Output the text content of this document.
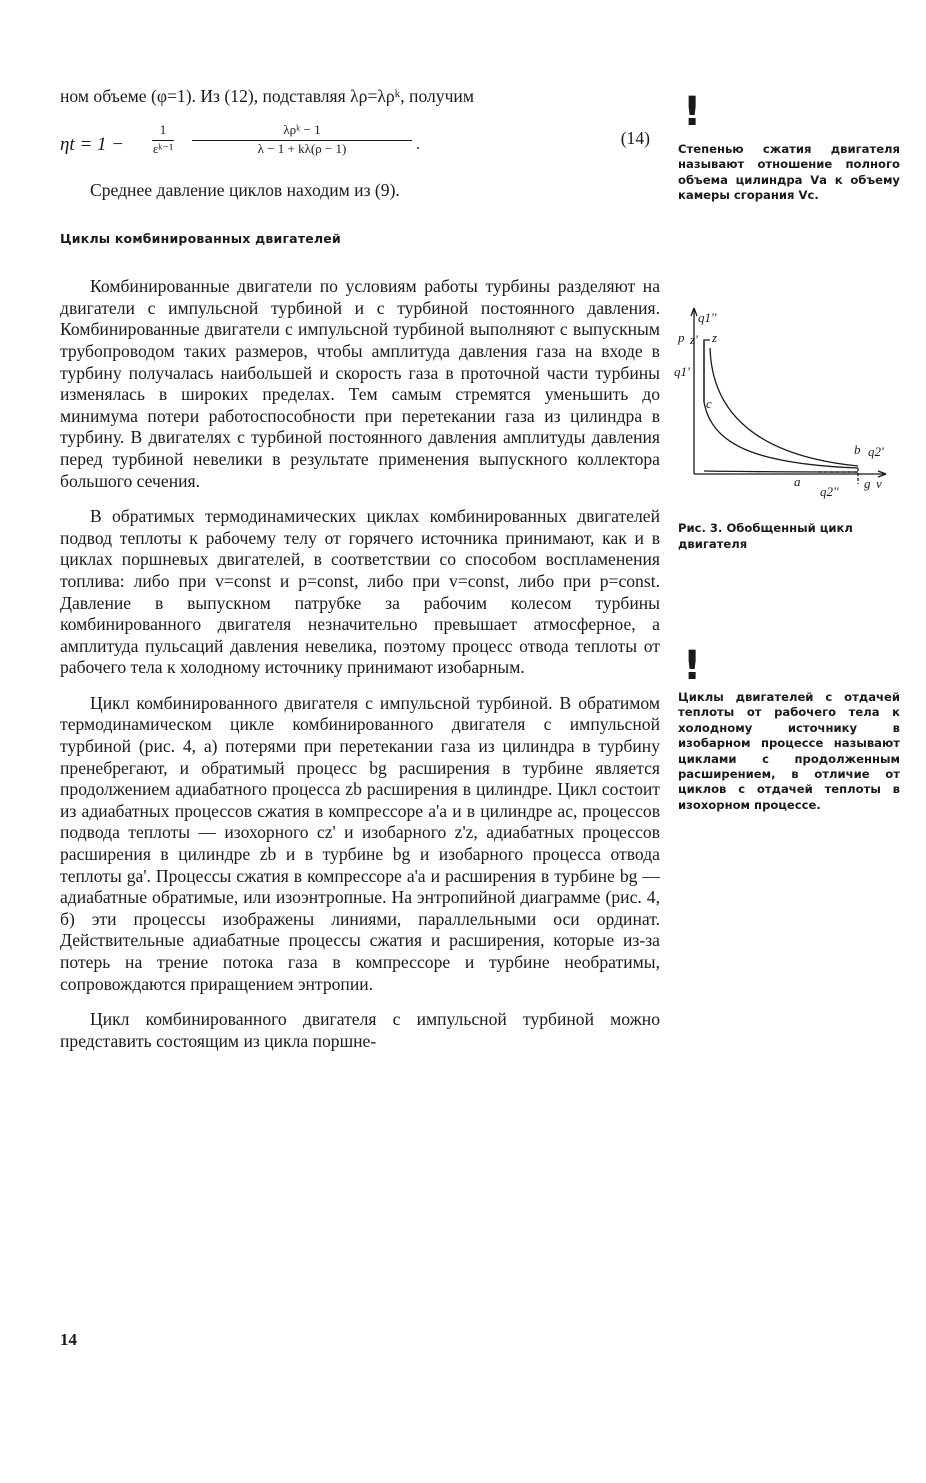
ном объеме (φ=1). Из (12), подставляя λρ=λρᵏ, получим

$\eta t = 1 - \frac{1}{\text{εᵏ⁻¹}}$	λρᵏ − 1
λ − 1 + kλ(ρ − 1)	.	(14)

Среднее давление циклов находим из (9).

Циклы комбинированных двигателей

Комбинированные двигатели по условиям работы турбины разделяют на двигатели с импульсной турбиной и с турбиной постоянного давления. Комбинированные двигатели с импульсной турбиной выполняют с выпускным трубопроводом таких размеров, чтобы амплитуда давления газа на входе в турбину получалась наибольшей и скорость газа в проточной части турбины изменялась в широких пределах. Тем самым стремятся уменьшить до минимума потери работоспособности при перетекании газа из цилиндра в турбину. В двигателях с турбиной постоянного давления амплитуды давления перед турбиной невелики в результате применения выпускного коллектора большого сечения.

В обратимых термодинамических циклах комбинированных двигателей подвод теплоты к рабочему телу от горячего источника принимают, как и в циклах поршневых двигателей, в соответствии со способом воспламенения топлива: либо при v=const и p=const, либо при v=const, либо при p=const. Давление в выпускном патрубке за рабочим колесом турбины комбинированного двигателя незначительно превышает атмосферное, а амплитуда пульсаций давления невелика, поэтому процесс отвода теплоты от рабочего тела к холодному источнику принимают изобарным.

Цикл комбинированного двигателя с импульсной турбиной. В обратимом термодинамическом цикле комбинированного двигателя с импульсной турбиной (рис. 4, а) потерями при перетекании газа из цилиндра в турбину пренебрегают, и обратимый процесс bg расширения в турбине является продолжением адиабатного процесса zb расширения в цилиндре. Цикл состоит из адиабатных процессов сжатия в компрессоре a'a и в цилиндре ac, процессов подвода теплоты — изохорного cz' и изобарного z'z, адиабатных процессов расширения в цилиндре zb и в турбине bg и изобарного процесса отвода теплоты ga'. Процессы сжатия в компрессоре a'a и расширения в турбине bg — адиабатные обратимые, или изоэнтропные. На энтропийной диаграмме (рис. 4, б) эти процессы изображены линиями, параллельными оси ординат. Действительные адиабатные процессы сжатия и расширения, которые из-за потерь на трение потока газа в компрессоре и турбине необратимы, сопровождаются приращением энтропии.

Цикл комбинированного двигателя с импульсной турбиной можно представить состоящим из цикла поршне-

14
!
Степенью сжатия двигателя называют отношение полного объема цилиндра Vа к объему камеры сгорания Vс.
p
q1''
z' z
q1'
c
b q2'
a
q2''
g v
Рис. 3. Обобщенный цикл двигателя
!
Циклы двигателей с отдачей теплоты от рабочего тела к холодному источнику в изобарном процессе называют циклами с продолженным расширением, в отличие от циклов с отдачей теплоты в изохорном процессе.
